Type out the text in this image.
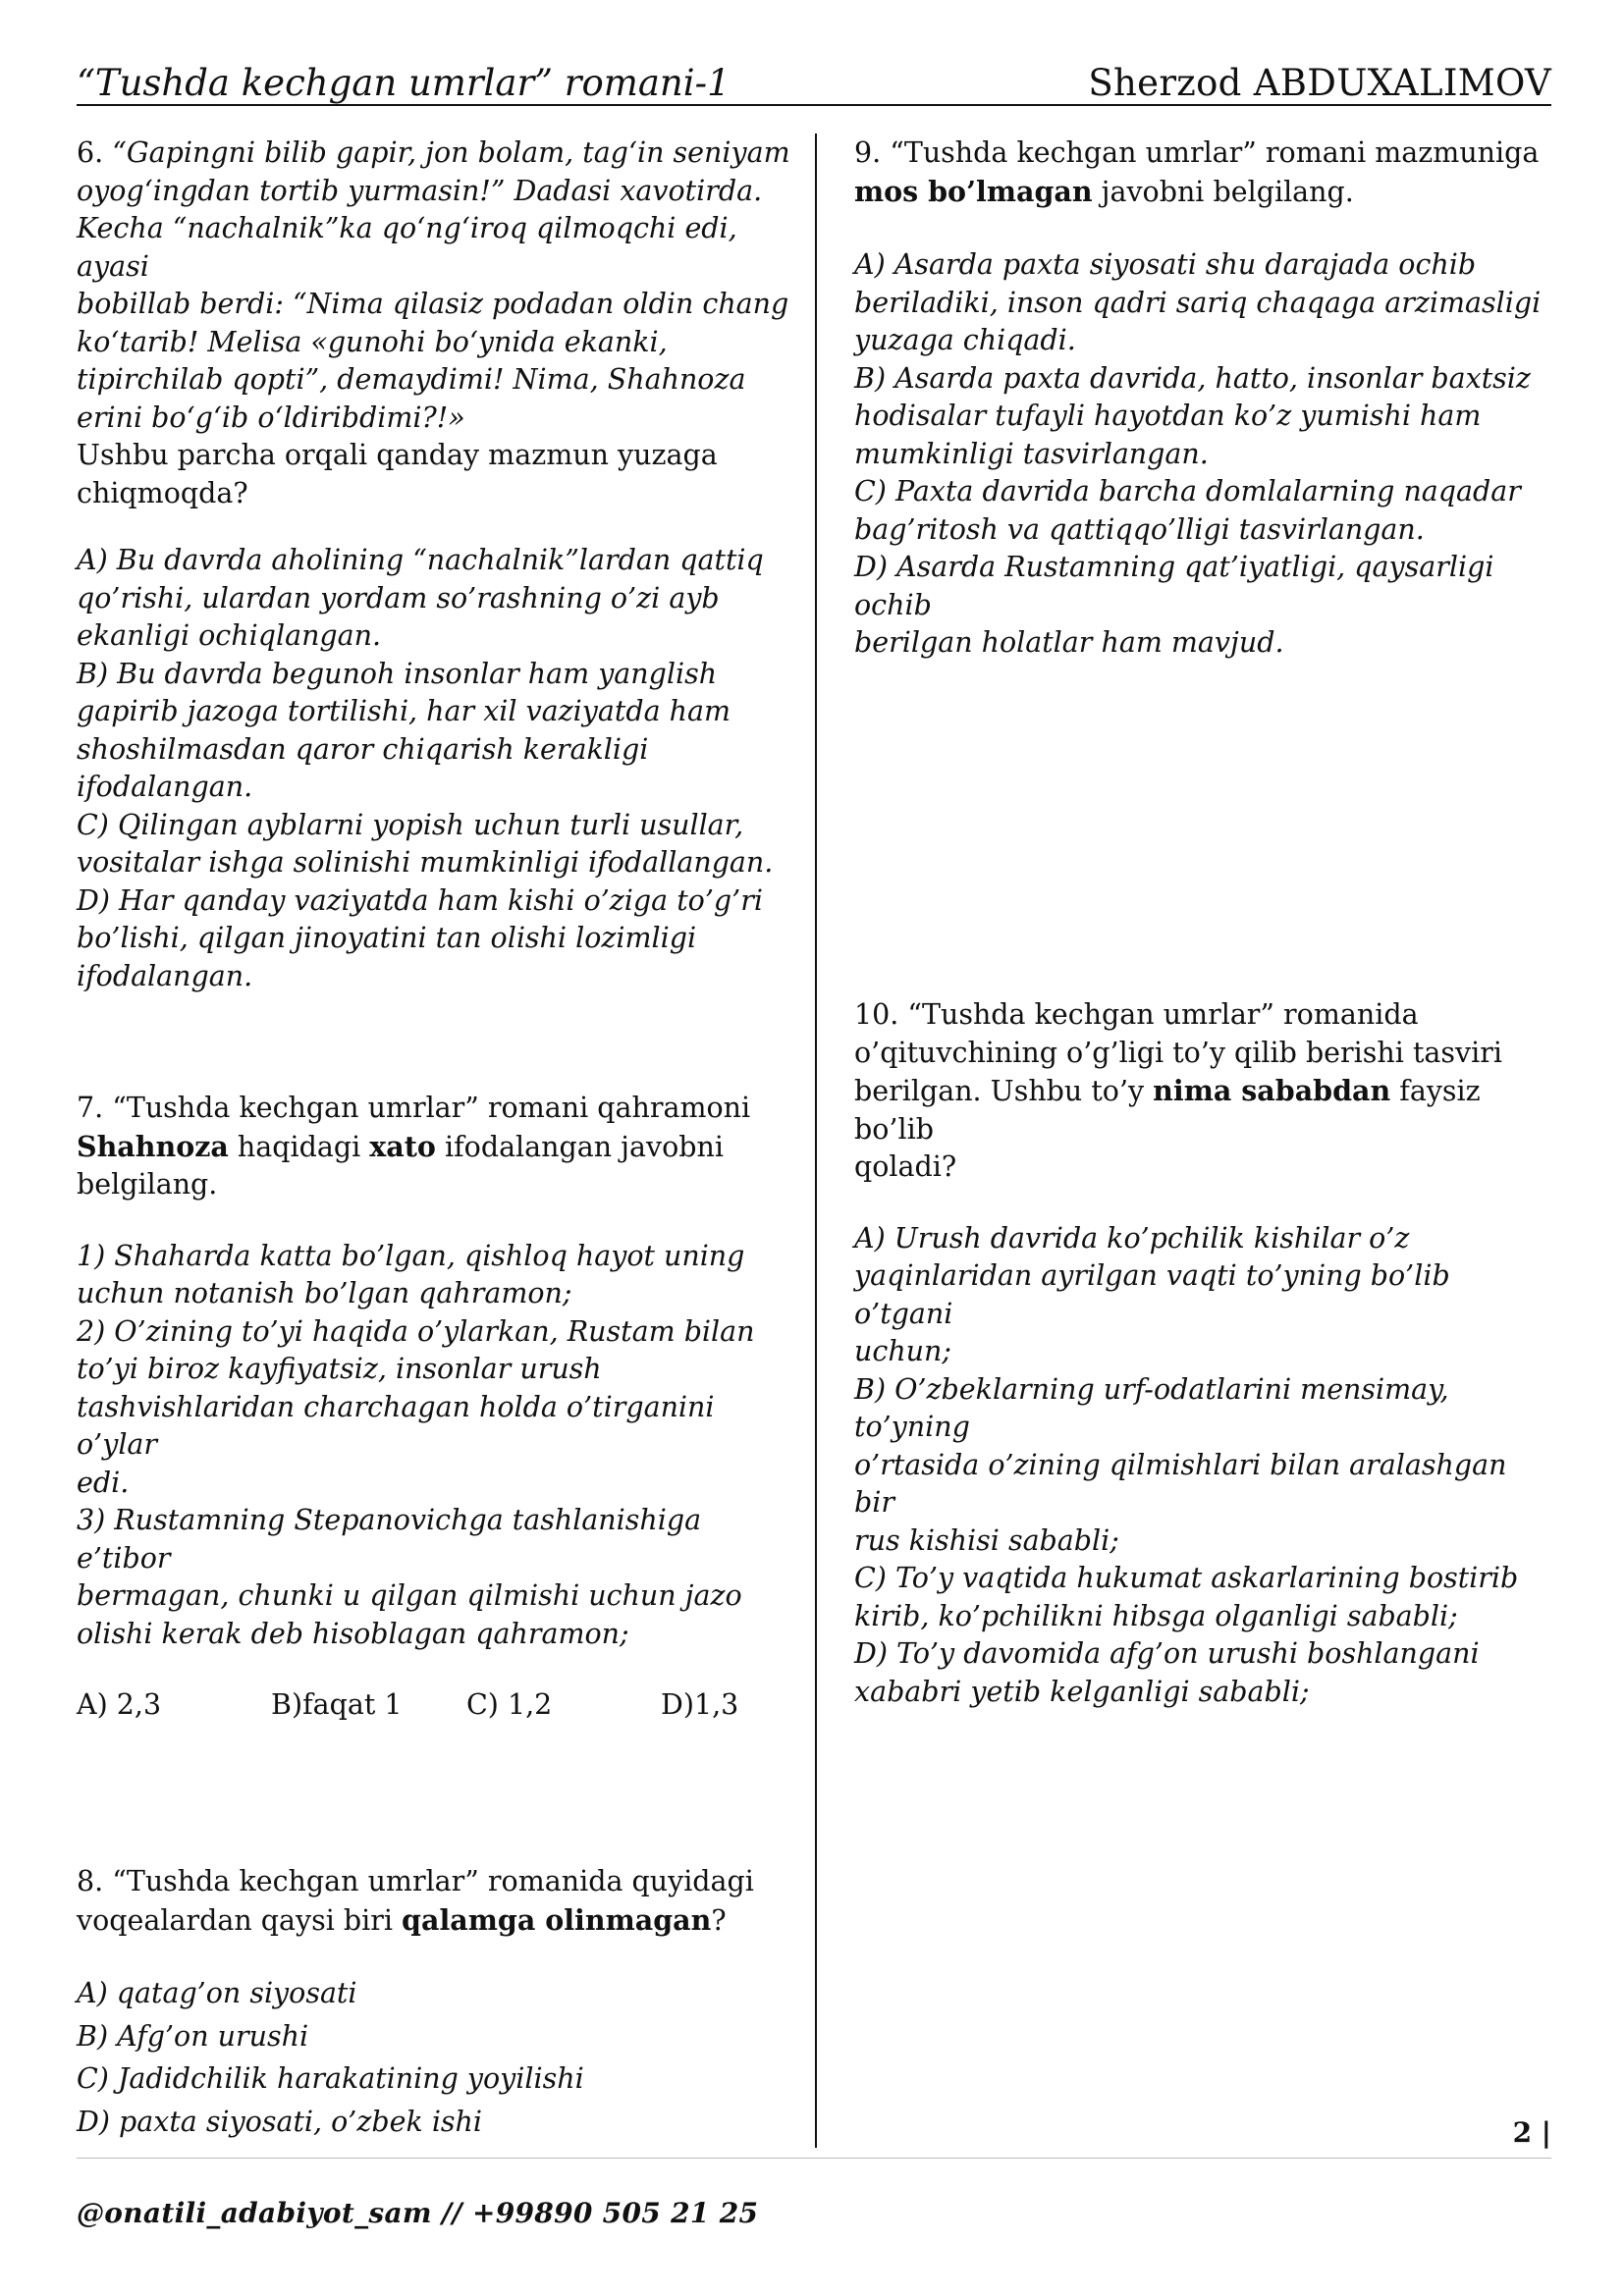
“Tushda kechgan umrlar” romani-1	Sherzod ABDUXALIMOV

6. “Gapingni bilib gapir, jon bolam, tag‘in seniyam
oyog‘ingdan tortib yurmasin!” Dadasi xavotirda.
Kecha “nachalnik”ka qo‘ng‘iroq qilmoqchi edi, ayasi
bobillab berdi: “Nima qilasiz podadan oldin chang
ko‘tarib! Melisa «gunohi bo‘ynida ekanki,
tipirchilab qopti”, demaydimi! Nima, Shahnoza
erini bo‘g‘ib o‘ldiribdimi?!»

Ushbu parcha orqali qanday mazmun yuzaga
chiqmoqda?

A) Bu davrda aholining “nachalnik”lardan qattiq
qo’rishi, ulardan yordam so’rashning o’zi ayb
ekanligi ochiqlangan.

B) Bu davrda begunoh insonlar ham yanglish
gapirib jazoga tortilishi, har xil vaziyatda ham
shoshilmasdan qaror chiqarish kerakligi
ifodalangan.

C) Qilingan ayblarni yopish uchun turli usullar,
vositalar ishga solinishi mumkinligi ifodallangan.

D) Har qanday vaziyatda ham kishi o’ziga to’g’ri
bo’lishi, qilgan jinoyatini tan olishi lozimligi
ifodalangan.

7. “Tushda kechgan umrlar” romani qahramoni
Shahnoza haqidagi xato ifodalangan javobni
belgilang.

1) Shaharda katta bo’lgan, qishloq hayot uning
uchun notanish bo’lgan qahramon;

2) O’zining to’yi haqida o’ylarkan, Rustam bilan
to’yi biroz kayfiyatsiz, insonlar urush
tashvishlaridan charchagan holda o’tirganini o’ylar
edi.

3) Rustamning Stepanovichga tashlanishiga e’tibor
bermagan, chunki u qilgan qilmishi uchun jazo
olishi kerak deb hisoblagan qahramon;

A) 2,3	B)faqat 1 C) 1,2	D)1,3

8. “Tushda kechgan umrlar” romanida quyidagi
voqealardan qaysi biri qalamga olinmagan?

A) qatag’on siyosati

B) Afg’on urushi

C) Jadidchilik harakatining yoyilishi

D) paxta siyosati, o’zbek ishi

9. “Tushda kechgan umrlar” romani mazmuniga
mos bo’lmagan javobni belgilang.

A) Asarda paxta siyosati shu darajada ochib
beriladiki, inson qadri sariq chaqaga arzimasligi
yuzaga chiqadi.

B) Asarda paxta davrida, hatto, insonlar baxtsiz
hodisalar tufayli hayotdan ko’z yumishi ham
mumkinligi tasvirlangan.

C) Paxta davrida barcha domlalarning naqadar
bag’ritosh va qattiqqo’lligi tasvirlangan.

D) Asarda Rustamning qat’iyatligi, qaysarligi ochib
berilgan holatlar ham mavjud.

10. “Tushda kechgan umrlar” romanida
o’qituvchining o’g’ligi to’y qilib berishi tasviri
berilgan. Ushbu to’y nima sababdan faysiz bo’lib
qoladi?

A) Urush davrida ko’pchilik kishilar o’z
yaqinlaridan ayrilgan vaqti to’yning bo’lib o’tgani
uchun;

B) O’zbeklarning urf-odatlarini mensimay, to’yning
o’rtasida o’zining qilmishlari bilan aralashgan bir
rus kishisi sababli;

C) To’y vaqtida hukumat askarlarining bostirib
kirib, ko’pchilikni hibsga olganligi sababli;

D) To’y davomida afg’on urushi boshlangani
xababri yetib kelganligi sababli;

2 |
@onatili_adabiyot_sam // +99890 505 21 25
